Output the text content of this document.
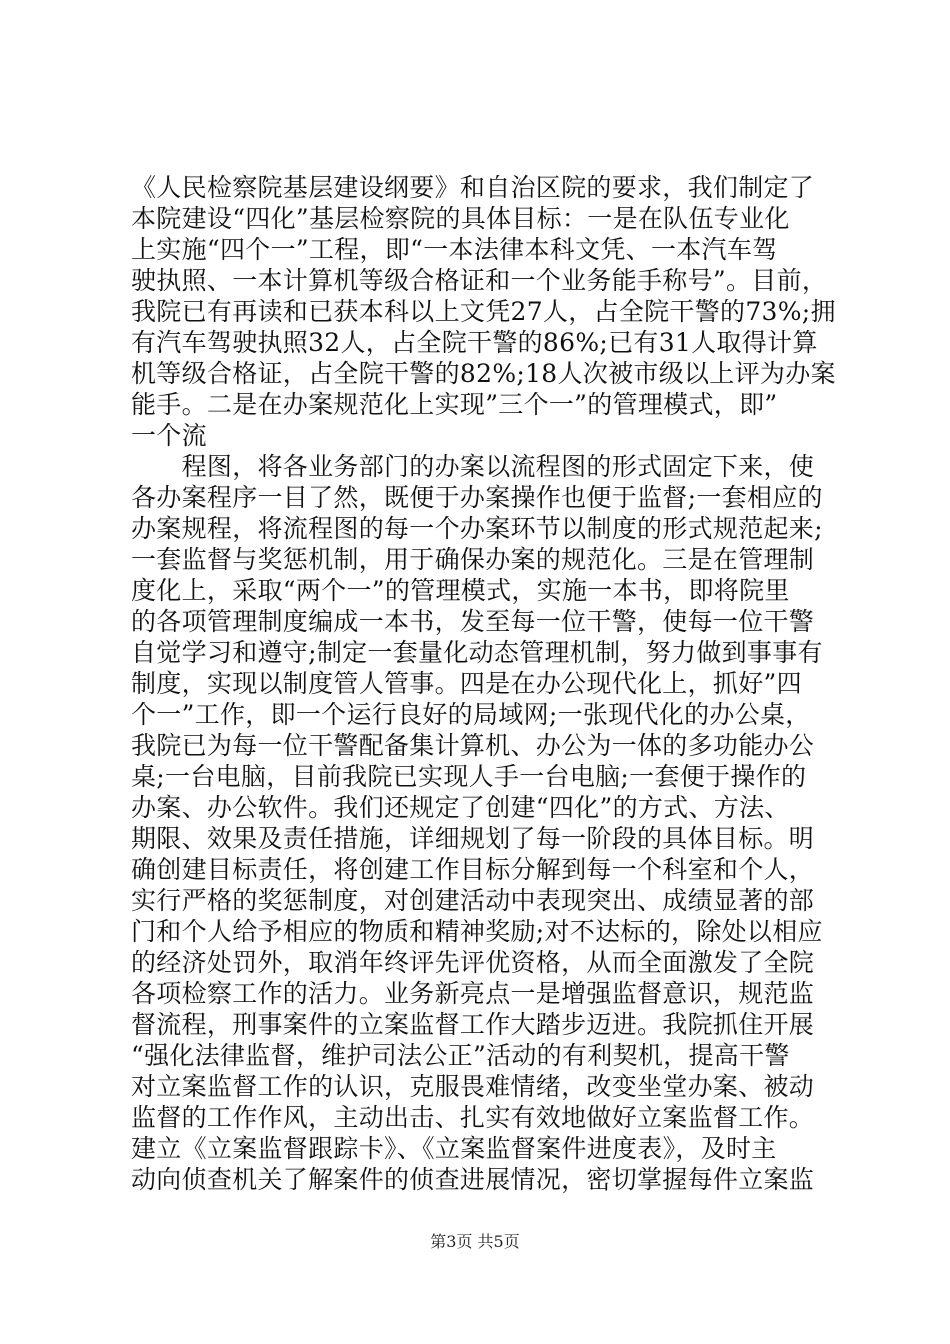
《人民检察院基层建设纲要》和自治区院的要求，我们制定了
本院建设“四化”基层检察院的具体目标：一是在队伍专业化
上实施“四个一”工程，即“一本法律本科文凭、一本汽车驾
驶执照、一本计算机等级合格证和一个业务能手称号”。目前，
我院已有再读和已获本科以上文凭27人，占全院干警的73%;拥
有汽车驾驶执照32人，占全院干警的86%;已有31人取得计算
机等级合格证，占全院干警的82%;18人次被市级以上评为办案
能手。二是在办案规范化上实现”三个一”的管理模式，即”
一个流
　　程图，将各业务部门的办案以流程图的形式固定下来，使
各办案程序一目了然，既便于办案操作也便于监督;一套相应的
办案规程，将流程图的每一个办案环节以制度的形式规范起来;
一套监督与奖惩机制，用于确保办案的规范化。三是在管理制
度化上，采取“两个一”的管理模式，实施一本书，即将院里
的各项管理制度编成一本书，发至每一位干警，使每一位干警
自觉学习和遵守;制定一套量化动态管理机制，努力做到事事有
制度，实现以制度管人管事。四是在办公现代化上，抓好”四
个一”工作，即一个运行良好的局域网;一张现代化的办公桌，
我院已为每一位干警配备集计算机、办公为一体的多功能办公
桌;一台电脑，目前我院已实现人手一台电脑;一套便于操作的
办案、办公软件。我们还规定了创建“四化”的方式、方法、
期限、效果及责任措施，详细规划了每一阶段的具体目标。明
确创建目标责任，将创建工作目标分解到每一个科室和个人，
实行严格的奖惩制度，对创建活动中表现突出、成绩显著的部
门和个人给予相应的物质和精神奖励;对不达标的，除处以相应
的经济处罚外，取消年终评先评优资格，从而全面激发了全院
各项检察工作的活力。业务新亮点一是增强监督意识，规范监
督流程，刑事案件的立案监督工作大踏步迈进。我院抓住开展
“强化法律监督，维护司法公正”活动的有利契机，提高干警
对立案监督工作的认识，克服畏难情绪，改变坐堂办案、被动
监督的工作作风，主动出击、扎实有效地做好立案监督工作。
建立《立案监督跟踪卡》、《立案监督案件进度表》，及时主
动向侦查机关了解案件的侦查进展情况，密切掌握每件立案监
第3页 共5页
